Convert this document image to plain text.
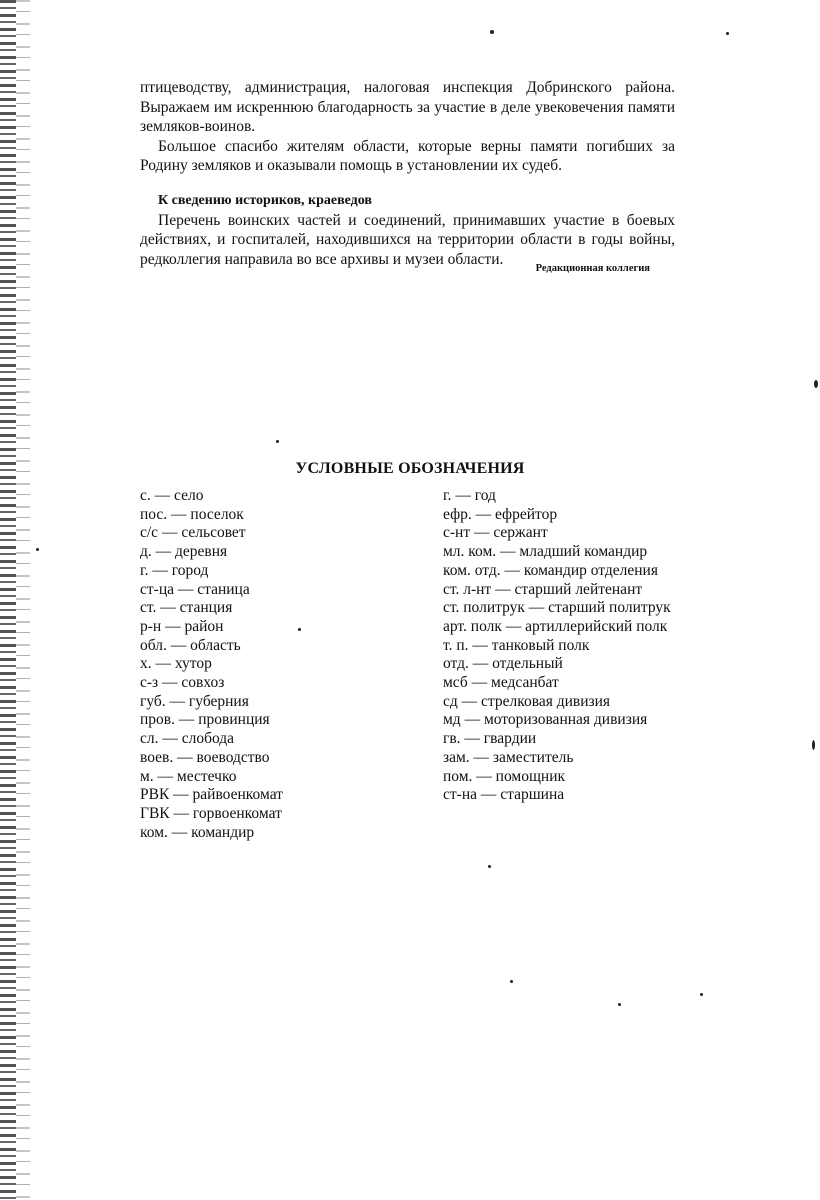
птицеводству, администрация, налоговая инспекция Добринского района. Выражаем им искреннюю благодарность за участие в деле увековечения памяти земляков-воинов.

Большое спасибо жителям области, которые верны памяти погибших за Родину земляков и оказывали помощь в установлении их судеб.

К сведению историков, краеведов

Перечень воинских частей и соединений, принимавших участие в боевых действиях, и госпиталей, находившихся на территории области в годы войны, редколлегия направила во все архивы и музеи области.

Редакционная коллегия
УСЛОВНЫЕ ОБОЗНАЧЕНИЯ
с. — село
пос. — поселок
с/с — сельсовет
д. — деревня
г. — город
ст-ца — станица
ст. — станция
р-н — район
обл. — область
х. — хутор
с-з — совхоз
губ. — губерния
пров. — провинция
сл. — слобода
воев. — воеводство
м. — местечко
РВК — райвоенкомат
ГВК — горвоенкомат
ком. — командир
г. — год
ефр. — ефрейтор
с-нт — сержант
мл. ком. — младший командир
ком. отд. — командир отделения
ст. л-нт — старший лейтенант
ст. политрук — старший политрук
арт. полк — артиллерийский полк
т. п. — танковый полк
отд. — отдельный
мсб — медсанбат
сд — стрелковая дивизия
мд — моторизованная дивизия
гв. — гвардии
зам. — заместитель
пом. — помощник
ст-на — старшина
